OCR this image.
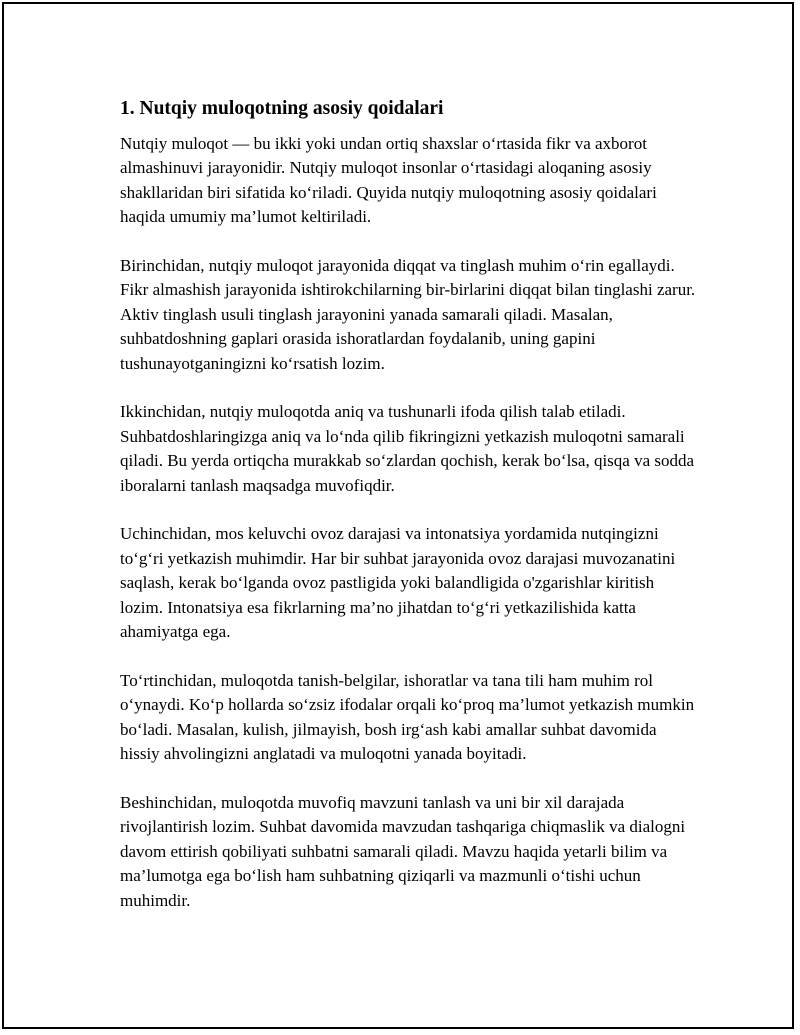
1. Nutqiy muloqotning asosiy qoidalari

Nutqiy muloqot — bu ikki yoki undan ortiq shaxslar o‘rtasida fikr va axborot almashinuvi jarayonidir. Nutqiy muloqot insonlar o‘rtasidagi aloqaning asosiy shakllaridan biri sifatida ko‘riladi. Quyida nutqiy muloqotning asosiy qoidalari haqida umumiy ma’lumot keltiriladi.

Birinchidan, nutqiy muloqot jarayonida diqqat va tinglash muhim o‘rin egallaydi. Fikr almashish jarayonida ishtirokchilarning bir-birlarini diqqat bilan tinglashi zarur. Aktiv tinglash usuli tinglash jarayonini yanada samarali qiladi. Masalan, suhbatdoshning gaplari orasida ishoratlardan foydalanib, uning gapini tushunayotganingizni ko‘rsatish lozim.

Ikkinchidan, nutqiy muloqotda aniq va tushunarli ifoda qilish talab etiladi. Suhbatdoshlaringizga aniq va lo‘nda qilib fikringizni yetkazish muloqotni samarali qiladi. Bu yerda ortiqcha murakkab so‘zlardan qochish, kerak bo‘lsa, qisqa va sodda iboralarni tanlash maqsadga muvofiqdir.

Uchinchidan, mos keluvchi ovoz darajasi va intonatsiya yordamida nutqingizni to‘g‘ri yetkazish muhimdir. Har bir suhbat jarayonida ovoz darajasi muvozanatini saqlash, kerak bo‘lganda ovoz pastligida yoki balandligida o'zgarishlar kiritish lozim. Intonatsiya esa fikrlarning ma’no jihatdan to‘g‘ri yetkazilishida katta ahamiyatga ega.

To‘rtinchidan, muloqotda tanish-belgilar, ishoratlar va tana tili ham muhim rol o‘ynaydi. Ko‘p hollarda so‘zsiz ifodalar orqali ko‘proq ma’lumot yetkazish mumkin bo‘ladi. Masalan, kulish, jilmayish, bosh irg‘ash kabi amallar suhbat davomida hissiy ahvolingizni anglatadi va muloqotni yanada boyitadi.

Beshinchidan, muloqotda muvofiq mavzuni tanlash va uni bir xil darajada rivojlantirish lozim. Suhbat davomida mavzudan tashqariga chiqmaslik va dialogni davom ettirish qobiliyati suhbatni samarali qiladi. Mavzu haqida yetarli bilim va ma’lumotga ega bo‘lish ham suhbatning qiziqarli va mazmunli o‘tishi uchun muhimdir.
